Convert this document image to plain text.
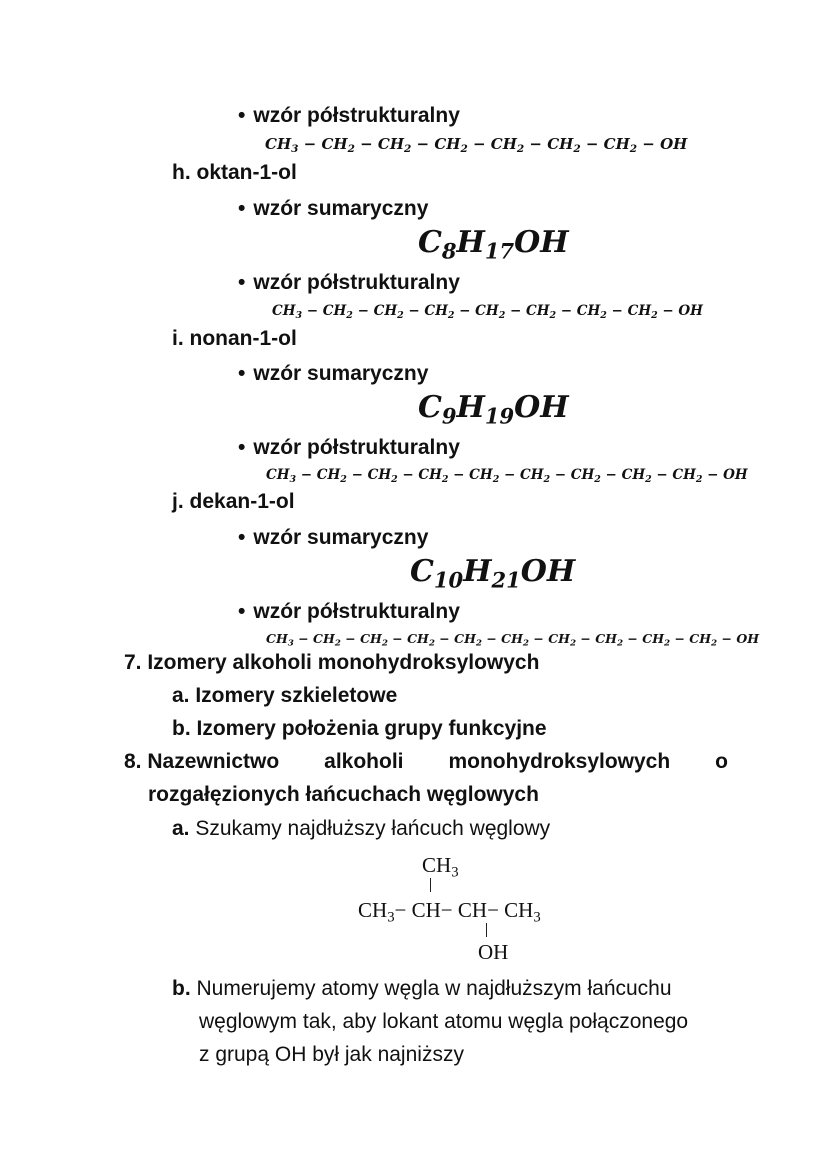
• wzór półstrukturalny
$CH_3 - CH_2 - CH_2 - CH_2 - CH_2 - CH_2 - CH_2$ − OH
h. oktan-1-ol
• wzór sumaryczny
$C_8H_{17}OH$
• wzór półstrukturalny
$CH_3 - CH_2 - CH_2 - CH_2 - CH_2 - CH_2 - CH_2 - CH_2$ − OH
i. nonan-1-ol
• wzór sumaryczny
$C_9H_{19}OH$
• wzór półstrukturalny
$CH_3 - CH_2 - CH_2 - CH_2 - CH_2 - CH_2 - CH_2 - CH_2 - CH_2$ − OH
j. dekan-1-ol
• wzór sumaryczny
$C_{10}H_{21}OH$
• wzór półstrukturalny
$CH_3 - CH_2 - CH_2 - CH_2 - CH_2 - CH_2 - CH_2 - CH_2 - CH_2 - CH_2$ − OH
7. Izomery alkoholi monohydroksylowych
a. Izomery szkieletowe
b. Izomery położenia grupy funkcyjne
8. Nazewnictwo alkoholi monohydroksylowych o
rozgałęzionych łańcuchach węglowych
a. Szukamy najdłuższy łańcuch węglowy
$CH_3$
$CH_3- CH- CH- CH_3$
OH
b. Numerujemy atomy węgla w najdłuższym łańcuchu
węglowym tak, aby lokant atomu węgla połączonego
z grupą OH był jak najniższy
